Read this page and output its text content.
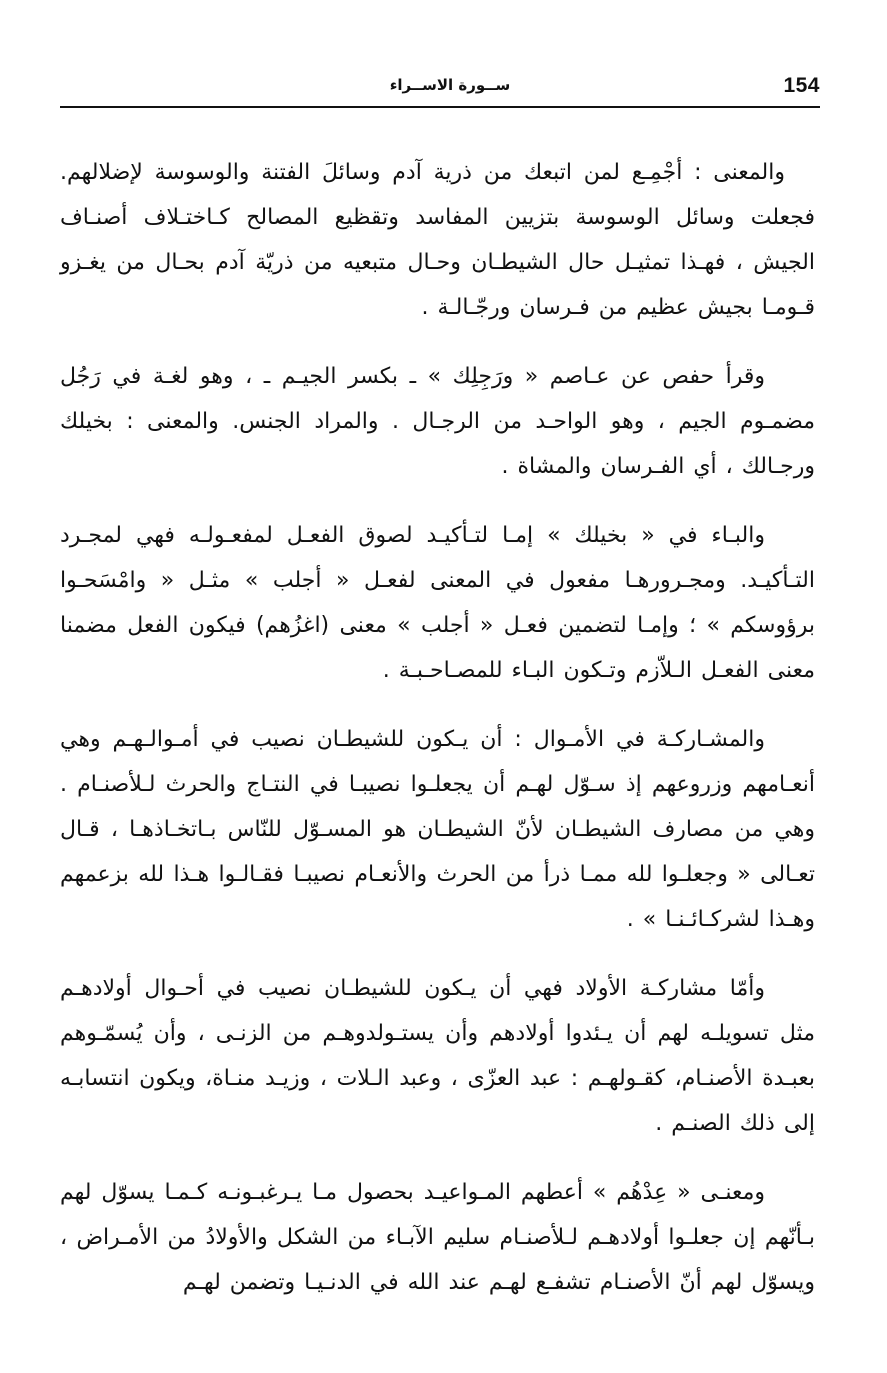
154
ســورة الاســراء

والمعنى : أجْمِـع لمن اتبعك من ذرية آدم وسائلَ الفتنة والوسوسة لإضلالهم. فجعلت وسائل الوسوسة بتزيين المفاسد وتقظيع المصالح كـاختـلاف أصنـاف الجيش ، فهـذا تمثيـل حال الشيطـان وحـال متبعيه من ذريّة آدم بحـال من يغـزو قـومـا بجيش عظيم من فـرسان ورجّـالـة .

وقرأ حفص عن عـاصم « ورَجِلِك » ـ بكسر الجيـم ـ ، وهو لغـة في رَجُل مضمـوم الجيم ، وهو الواحـد من الرجـال . والمراد الجنس. والمعنى : بخيلك ورجـالك ، أي الفـرسان والمشاة .

والبـاء في « بخيلك » إمـا لتـأكيـد لصوق الفعـل لمفعـولـه فهي لمجـرد التـأكيـد. ومجـرورهـا مفعول في المعنى لفعـل « أجلب » مثـل « وامْسَحـوا برؤوسكم » ؛ وإمـا لتضمين فعـل « أجلب » معنى (اغزُهم) فيكون الفعل مضمنا معنى الفعـل الـلاّزم وتـكون البـاء للمصـاحـبـة .

والمشـاركـة في الأمـوال : أن يـكون للشيطـان نصيب في أمـوالـهـم وهي أنعـامهم وزروعهم إذ سـوّل لهـم أن يجعلـوا نصيبـا في النتـاج والحرث لـلأصنـام . وهي من مصارف الشيطـان لأنّ الشيطـان هو المسـوّل للنّاس بـاتخـاذهـا ، قـال تعـالى « وجعلـوا لله ممـا ذرأ من الحرث والأنعـام نصيبـا فقـالـوا هـذا لله بزعمهم وهـذا لشركـائـنـا » .

وأمّا مشاركـة الأولاد فهي أن يـكون للشيطـان نصيب في أحـوال أولادهـم مثل تسويلـه لهم أن يـئدوا أولادهم وأن يستـولدوهـم من الزنـى ، وأن يُسمّـوهم بعبـدة الأصنـام، كقـولهـم : عبد العزّى ، وعبد الـلات ، وزيـد منـاة، ويكون انتسابـه إلى ذلك الصنـم .

ومعنـى « عِدْهُم » أعطهم المـواعيـد بحصول مـا يـرغبـونـه كـمـا يسوّل لهم بـأنّهم إن جعلـوا أولادهـم لـلأصنـام سليم الآبـاء من الشكل والأولادُ من الأمـراض ، ويسوّل لهم أنّ الأصنـام تشفـع لهـم عند الله في الدنـيـا وتضمن لهـم
